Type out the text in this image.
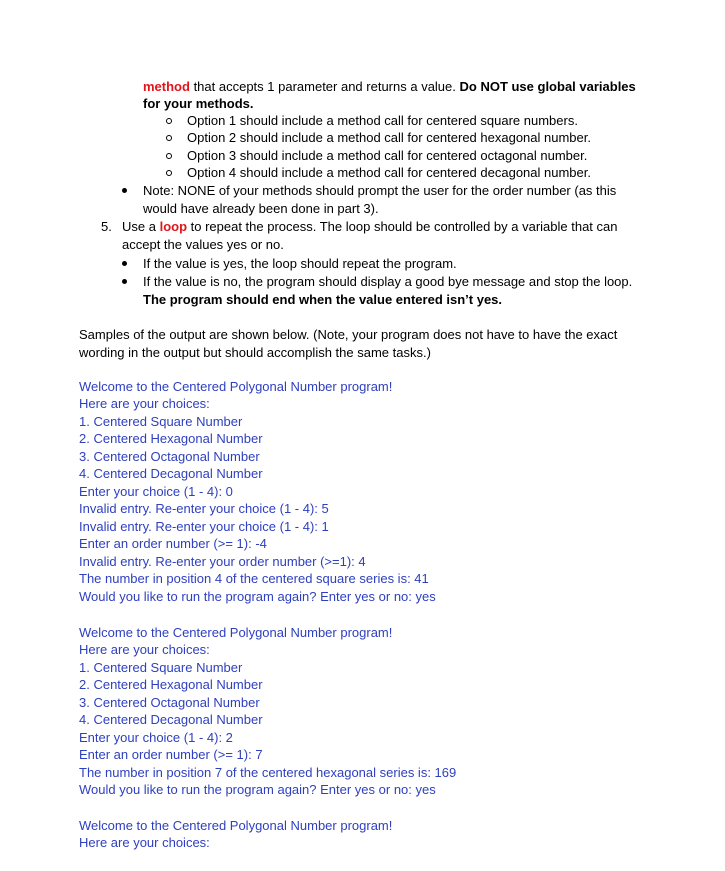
method that accepts 1 parameter and returns a value. Do NOT use global variables
for your methods.
Option 1 should include a method call for centered square numbers.
Option 2 should include a method call for centered hexagonal number.
Option 3 should include a method call for centered octagonal number.
Option 4 should include a method call for centered decagonal number.
Note: NONE of your methods should prompt the user for the order number (as this
would have already been done in part 3).
5. Use a loop to repeat the process. The loop should be controlled by a variable that can
accept the values yes or no.
If the value is yes, the loop should repeat the program.
If the value is no, the program should display a good bye message and stop the loop.
The program should end when the value entered isn’t yes.
Samples of the output are shown below. (Note, your program does not have to have the exact
wording in the output but should accomplish the same tasks.)
Welcome to the Centered Polygonal Number program!
Here are your choices:
1. Centered Square Number
2. Centered Hexagonal Number
3. Centered Octagonal Number
4. Centered Decagonal Number
Enter your choice (1 - 4): 0
Invalid entry. Re-enter your choice (1 - 4): 5
Invalid entry. Re-enter your choice (1 - 4): 1
Enter an order number (>= 1): -4
Invalid entry. Re-enter your order number (>=1): 4
The number in position 4 of the centered square series is: 41
Would you like to run the program again? Enter yes or no: yes
Welcome to the Centered Polygonal Number program!
Here are your choices:
1. Centered Square Number
2. Centered Hexagonal Number
3. Centered Octagonal Number
4. Centered Decagonal Number
Enter your choice (1 - 4): 2
Enter an order number (>= 1): 7
The number in position 7 of the centered hexagonal series is: 169
Would you like to run the program again? Enter yes or no: yes
Welcome to the Centered Polygonal Number program!
Here are your choices:
